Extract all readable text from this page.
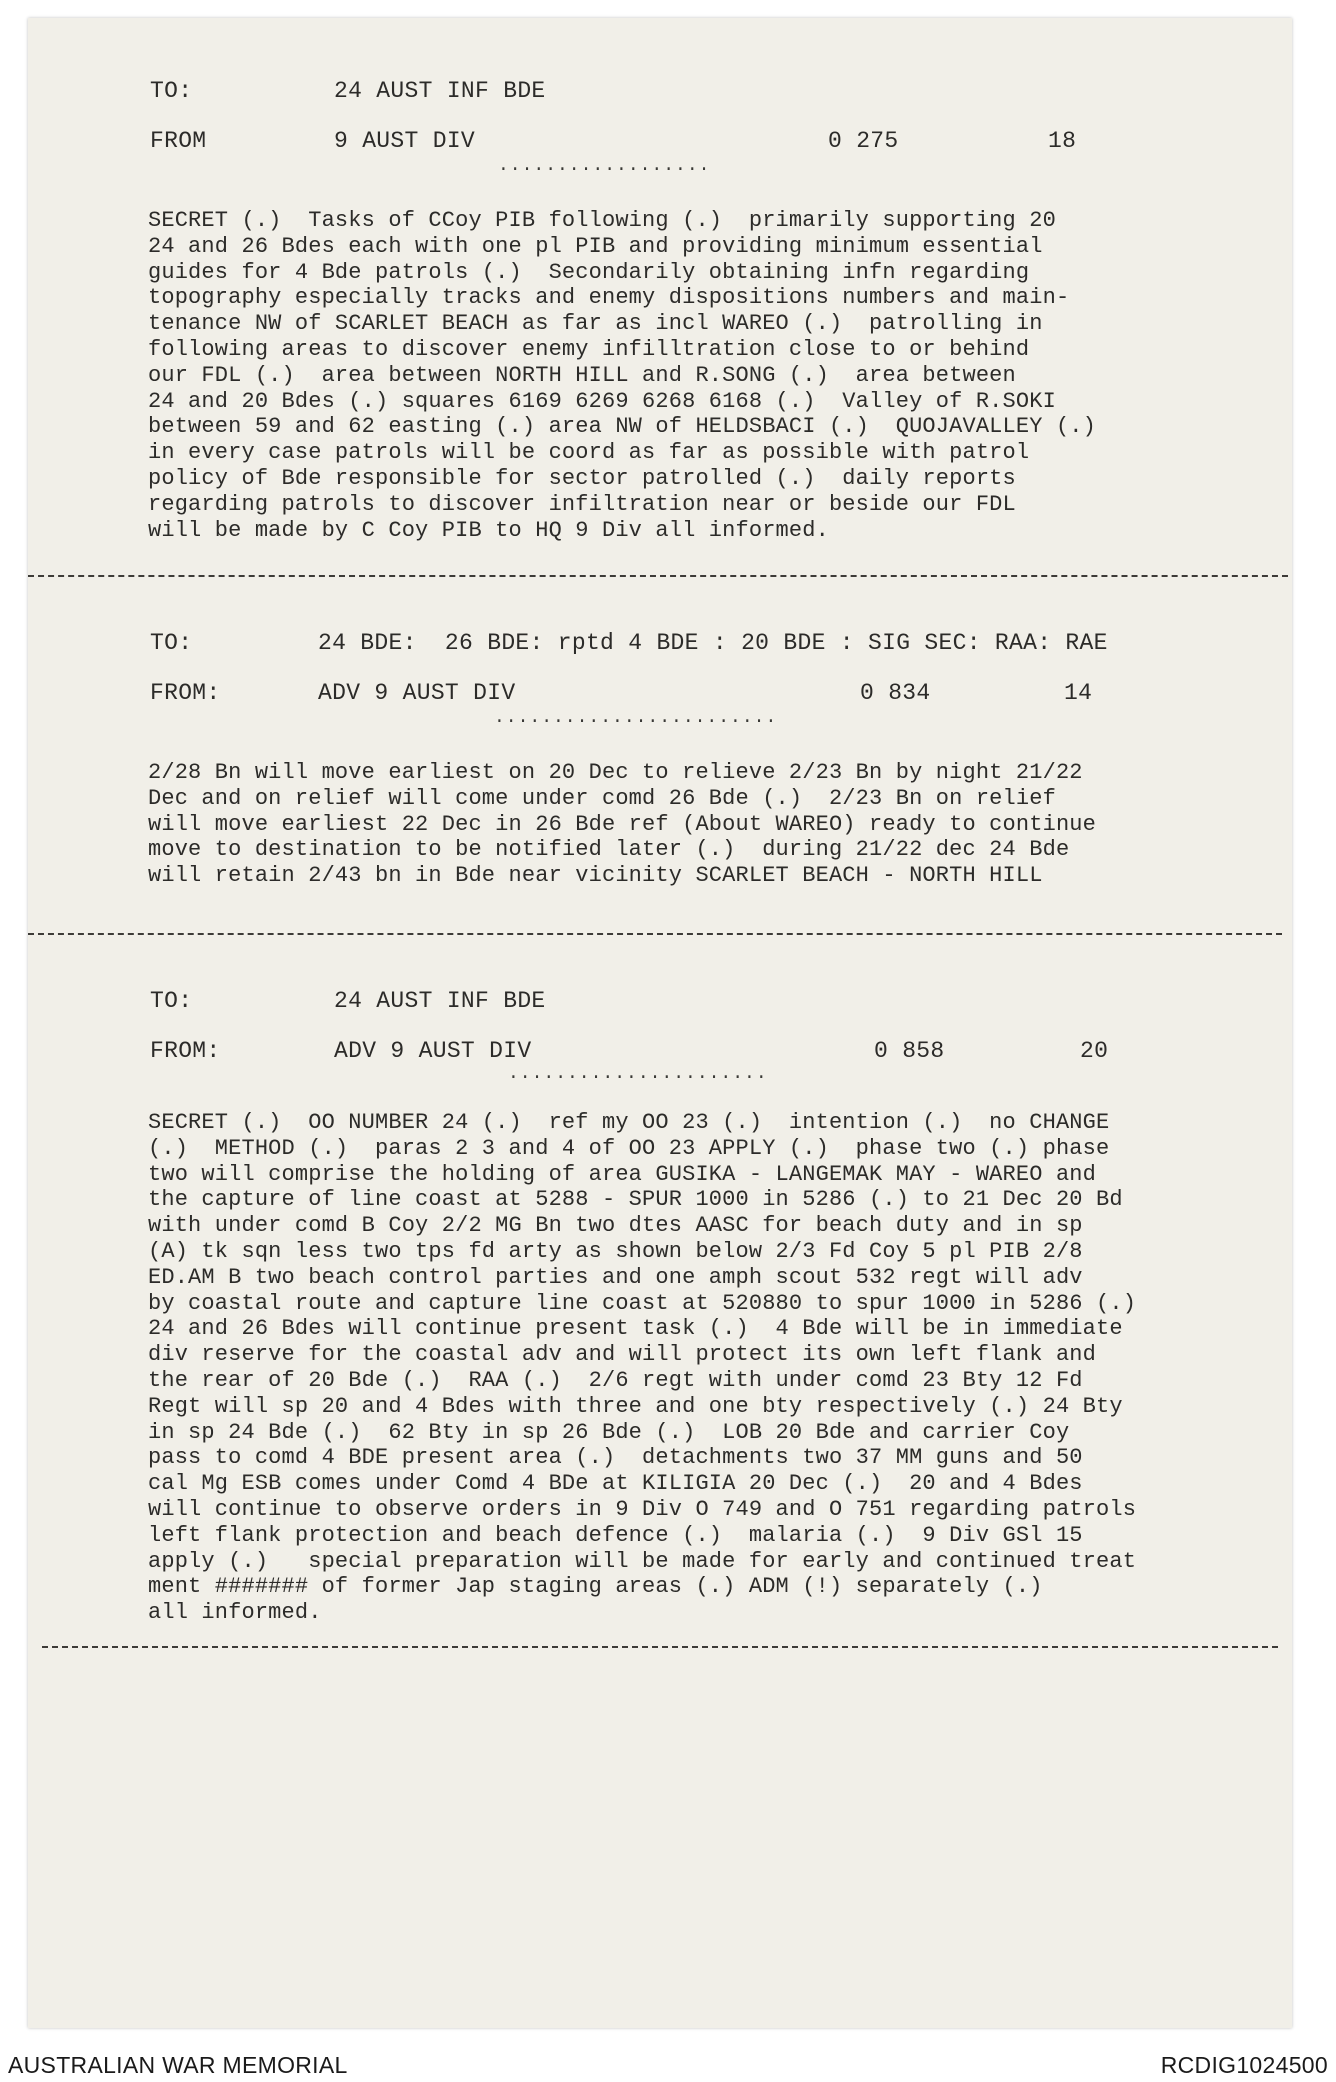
TO:	24 AUST INF BDE
FROM	9 AUST DIV	0 275	18
..................
SECRET (.)  Tasks of CCoy PIB following (.)  primarily supporting 20
24 and 26 Bdes each with one pl PIB and providing minimum essential
guides for 4 Bde patrols (.)  Secondarily obtaining infn regarding
topography especially tracks and enemy dispositions numbers and main-
tenance NW of SCARLET BEACH as far as incl WAREO (.)  patrolling in
following areas to discover enemy infilltration close to or behind
our FDL (.)  area between NORTH HILL and R.SONG (.)  area between
24 and 20 Bdes (.) squares 6169 6269 6268 6168 (.)  Valley of R.SOKI
between 59 and 62 easting (.) area NW of HELDSBACI (.)  QUOJAVALLEY (.)
in every case patrols will be coord as far as possible with patrol
policy of Bde responsible for sector patrolled (.)  daily reports
regarding patrols to discover infiltration near or beside our FDL
will be made by C Coy PIB to HQ 9 Div all informed.
TO:	24 BDE:  26 BDE: rptd 4 BDE : 20 BDE : SIG SEC: RAA: RAE
FROM:	ADV 9 AUST DIV	0 834	14
........................
2/28 Bn will move earliest on 20 Dec to relieve 2/23 Bn by night 21/22
Dec and on relief will come under comd 26 Bde (.)  2/23 Bn on relief
will move earliest 22 Dec in 26 Bde ref (About WAREO) ready to continue
move to destination to be notified later (.)  during 21/22 dec 24 Bde
will retain 2/43 bn in Bde near vicinity SCARLET BEACH - NORTH HILL
TO:	24 AUST INF BDE
FROM:	ADV 9 AUST DIV	0 858	20
......................
SECRET (.)  OO NUMBER 24 (.)  ref my OO 23 (.)  intention (.)  no CHANGE
(.)  METHOD (.)  paras 2 3 and 4 of OO 23 APPLY (.)  phase two (.) phase
two will comprise the holding of area GUSIKA - LANGEMAK MAY - WAREO and
the capture of line coast at 5288 - SPUR 1000 in 5286 (.) to 21 Dec 20 Bd
with under comd B Coy 2/2 MG Bn two dtes AASC for beach duty and in sp
(A) tk sqn less two tps fd arty as shown below 2/3 Fd Coy 5 pl PIB 2/8
ED.AM B two beach control parties and one amph scout 532 regt will adv
by coastal route and capture line coast at 520880 to spur 1000 in 5286 (.)
24 and 26 Bdes will continue present task (.)  4 Bde will be in immediate
div reserve for the coastal adv and will protect its own left flank and
the rear of 20 Bde (.)  RAA (.)  2/6 regt with under comd 23 Bty 12 Fd
Regt will sp 20 and 4 Bdes with three and one bty respectively (.) 24 Bty
in sp 24 Bde (.)  62 Bty in sp 26 Bde (.)  LOB 20 Bde and carrier Coy
pass to comd 4 BDE present area (.)  detachments two 37 MM guns and 50
cal Mg ESB comes under Comd 4 BDe at KILIGIA 20 Dec (.)  20 and 4 Bdes
will continue to observe orders in 9 Div O 749 and O 751 regarding patrols
left flank protection and beach defence (.)  malaria (.)  9 Div GSl 15
apply (.)   special preparation will be made for early and continued treat
ment ####### of former Jap staging areas (.) ADM (!) separately (.)
all informed.
AUSTRALIAN WAR MEMORIAL	RCDIG1024500
